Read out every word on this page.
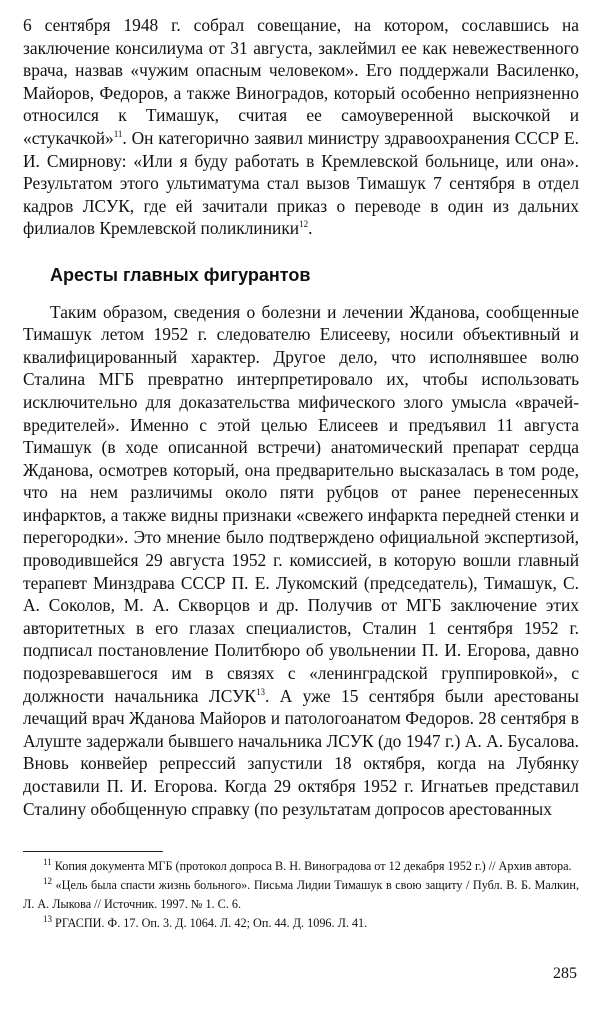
6 сентября 1948 г. собрал совещание, на котором, сославшись на заключение консилиума от 31 августа, заклеймил ее как невежественного врача, назвав «чужим опасным человеком». Его поддержали Василенко, Майоров, Федоров, а также Виноградов, который особенно неприязненно относился к Тимашук, считая ее самоуверенной выскочкой и «стукачкой»$^{11}$. Он категорично заявил министру здравоохранения СССР Е. И. Смирнову: «Или я буду работать в Кремлевской больнице, или она». Результатом этого ультиматума стал вызов Тимашук 7 сентября в отдел кадров ЛСУК, где ей зачитали приказ о переводе в один из дальних филиалов Кремлевской поликлиники$^{12}$.

Аресты главных фигурантов

Таким образом, сведения о болезни и лечении Жданова, сообщенные Тимашук летом 1952 г. следователю Елисееву, носили объективный и квалифицированный характер. Другое дело, что исполнявшее волю Сталина МГБ превратно интерпретировало их, чтобы использовать исключительно для доказательства мифического злого умысла «врачей-вредителей». Именно с этой целью Елисеев и предъявил 11 августа Тимашук (в ходе описанной встречи) анатомический препарат сердца Жданова, осмотрев который, она предварительно высказалась в том роде, что на нем различимы около пяти рубцов от ранее перенесенных инфарктов, а также видны признаки «свежего инфаркта передней стенки и перегородки». Это мнение было подтверждено официальной экспертизой, проводившейся 29 августа 1952 г. комиссией, в которую вошли главный терапевт Минздрава СССР П. Е. Лукомский (председатель), Тимашук, С. А. Соколов, М. А. Скворцов и др. Получив от МГБ заключение этих авторитетных в его глазах специалистов, Сталин 1 сентября 1952 г. подписал постановление Политбюро об увольнении П. И. Егорова, давно подозревавшегося им в связях с «ленинградской группировкой», с должности начальника ЛСУК$^{13}$. А уже 15 сентября были арестованы лечащий врач Жданова Майоров и патологоанатом Федоров. 28 сентября в Алуште задержали бывшего начальника ЛСУК (до 1947 г.) А. А. Бусалова. Вновь конвейер репрессий запустили 18 октября, когда на Лубянку доставили П. И. Егорова. Когда 29 октября 1952 г. Игнатьев представил Сталину обобщенную справку (по результатам допросов арестованных

$^{11}$ Копия документа МГБ (протокол допроса В. Н. Виноградова от 12 декабря 1952 г.) // Архив автора.

$^{12}$ «Цель была спасти жизнь больного». Письма Лидии Тимашук в свою защиту / Публ. В. Б. Малкин, Л. А. Лыкова // Источник. 1997. № 1. С. 6.

$^{13}$ РГАСПИ. Ф. 17. Оп. 3. Д. 1064. Л. 42; Оп. 44. Д. 1096. Л. 41.

285
